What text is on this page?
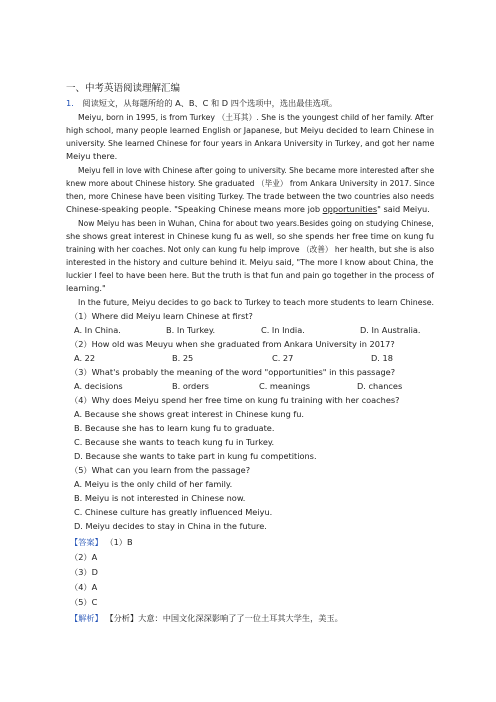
一、中考英语阅读理解汇编
1. 阅读短文，从每题所给的 A、B、C 和 D 四个选项中，选出最佳选项。
Meiyu, born in 1995, is from Turkey （土耳其）. She is the youngest child of her family. After
high school, many people learned English or Japanese, but Meiyu decided to learn Chinese in
university. She learned Chinese for four years in Ankara University in Turkey, and got her name
Meiyu there.
Meiyu fell in love with Chinese after going to university. She became more interested after she
knew more about Chinese history. She graduated （毕业） from Ankara University in 2017. Since
then, more Chinese have been visiting Turkey. The trade between the two countries also needs
Chinese-speaking people. "Speaking Chinese means more job opportunities" said Meiyu.
Now Meiyu has been in Wuhan, China for about two years.Besides going on studying Chinese,
she shows great interest in Chinese kung fu as well, so she spends her free time on kung fu
training with her coaches. Not only can kung fu help improve （改善） her health, but she is also
interested in the history and culture behind it. Meiyu said, "The more I know about China, the
luckier I feel to have been here. But the truth is that fun and pain go together in the process of
learning."
In the future, Meiyu decides to go back to Turkey to teach more students to learn Chinese.
（1）Where did Meiyu learn Chinese at first?
A. In China.	B. In Turkey.	C. In India.	D. In Australia.
（2）How old was Meuyu when she graduated from Ankara University in 2017?
A. 22	B. 25	C. 27	D. 18
（3）What's probably the meaning of the word "opportunities" in this passage?
A. decisions	B. orders	C. meanings	D. chances
（4）Why does Meiyu spend her free time on kung fu training with her coaches?
A. Because she shows great interest in Chinese kung fu.
B. Because she has to learn kung fu to graduate.
C. Because she wants to teach kung fu in Turkey.
D. Because she wants to take part in kung fu competitions.
（5）What can you learn from the passage?
A. Meiyu is the only child of her family.
B. Meiyu is not interested in Chinese now.
C. Chinese culture has greatly influenced Meiyu.
D. Meiyu decides to stay in China in the future.
【答案】 （1）B
（2）A
（3）D
（4）A
（5）C
【解析】 【分析】大意：中国文化深深影响了了一位土耳其大学生，美玉。
